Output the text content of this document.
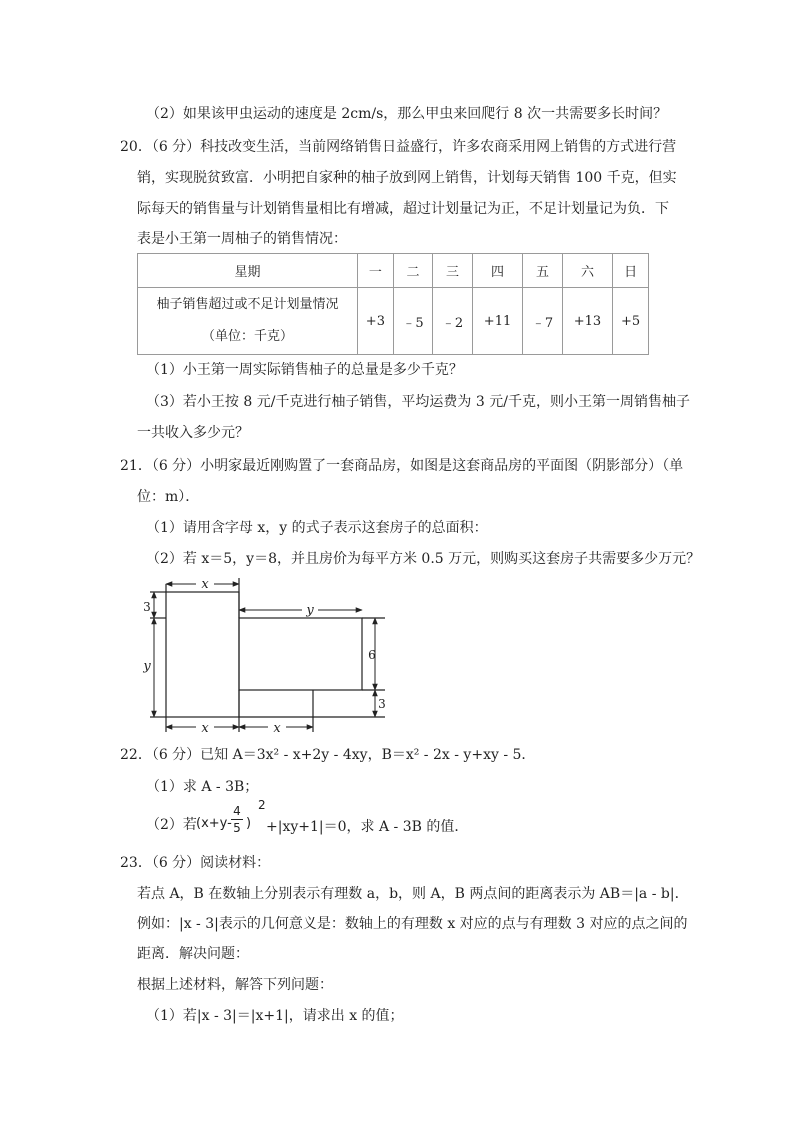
（2）如果该甲虫运动的速度是 2cm/s，那么甲虫来回爬行 8 次一共需要多长时间？
20．（6 分）科技改变生活，当前网络销售日益盛行，许多农商采用网上销售的方式进行营
销，实现脱贫致富．小明把自家种的柚子放到网上销售，计划每天销售 100 千克，但实
际每天的销售量与计划销售量相比有增减，超过计划量记为正，不足计划量记为负．下
表是小王第一周柚子的销售情况：
星期	一	二	三	四	五	六	日

柚子销售超过或不足计划量情况
（单位：千克）	+3	﹣5	﹣2	+11	﹣7	+13	+5
（1）小王第一周实际销售柚子的总量是多少千克？
（3）若小王按 8 元/千克进行柚子销售，平均运费为 3 元/千克，则小王第一周销售柚子
一共收入多少元？
21．（6 分）小明家最近刚购置了一套商品房，如图是这套商品房的平面图（阴影部分）（单
位：m）．
（1）请用含字母 x，y 的式子表示这套房子的总面积：
（2）若 x＝5，y＝8，并且房价为每平方米 0.5 万元，则购买这套房子共需要多少万元？
x
y
3
y
6
3
x	x
22．（6 分）已知 A＝3x² - x+2y - 4xy，B＝x² - 2x - y+xy - 5．
（1）求 A - 3B；
（2）若 ($x+y- \frac{4}{5}$ )
2
+|xy+1|＝0，求 A - 3B 的值．
23．（6 分）阅读材料：
若点 A，B 在数轴上分别表示有理数 a，b，则 A，B 两点间的距离表示为 AB＝|a - b|．
例如：|x - 3|表示的几何意义是：数轴上的有理数 x 对应的点与有理数 3 对应的点之间的
距离．解决问题：
根据上述材料，解答下列问题：
（1）若|x - 3|＝|x+1|，请求出 x 的值；
